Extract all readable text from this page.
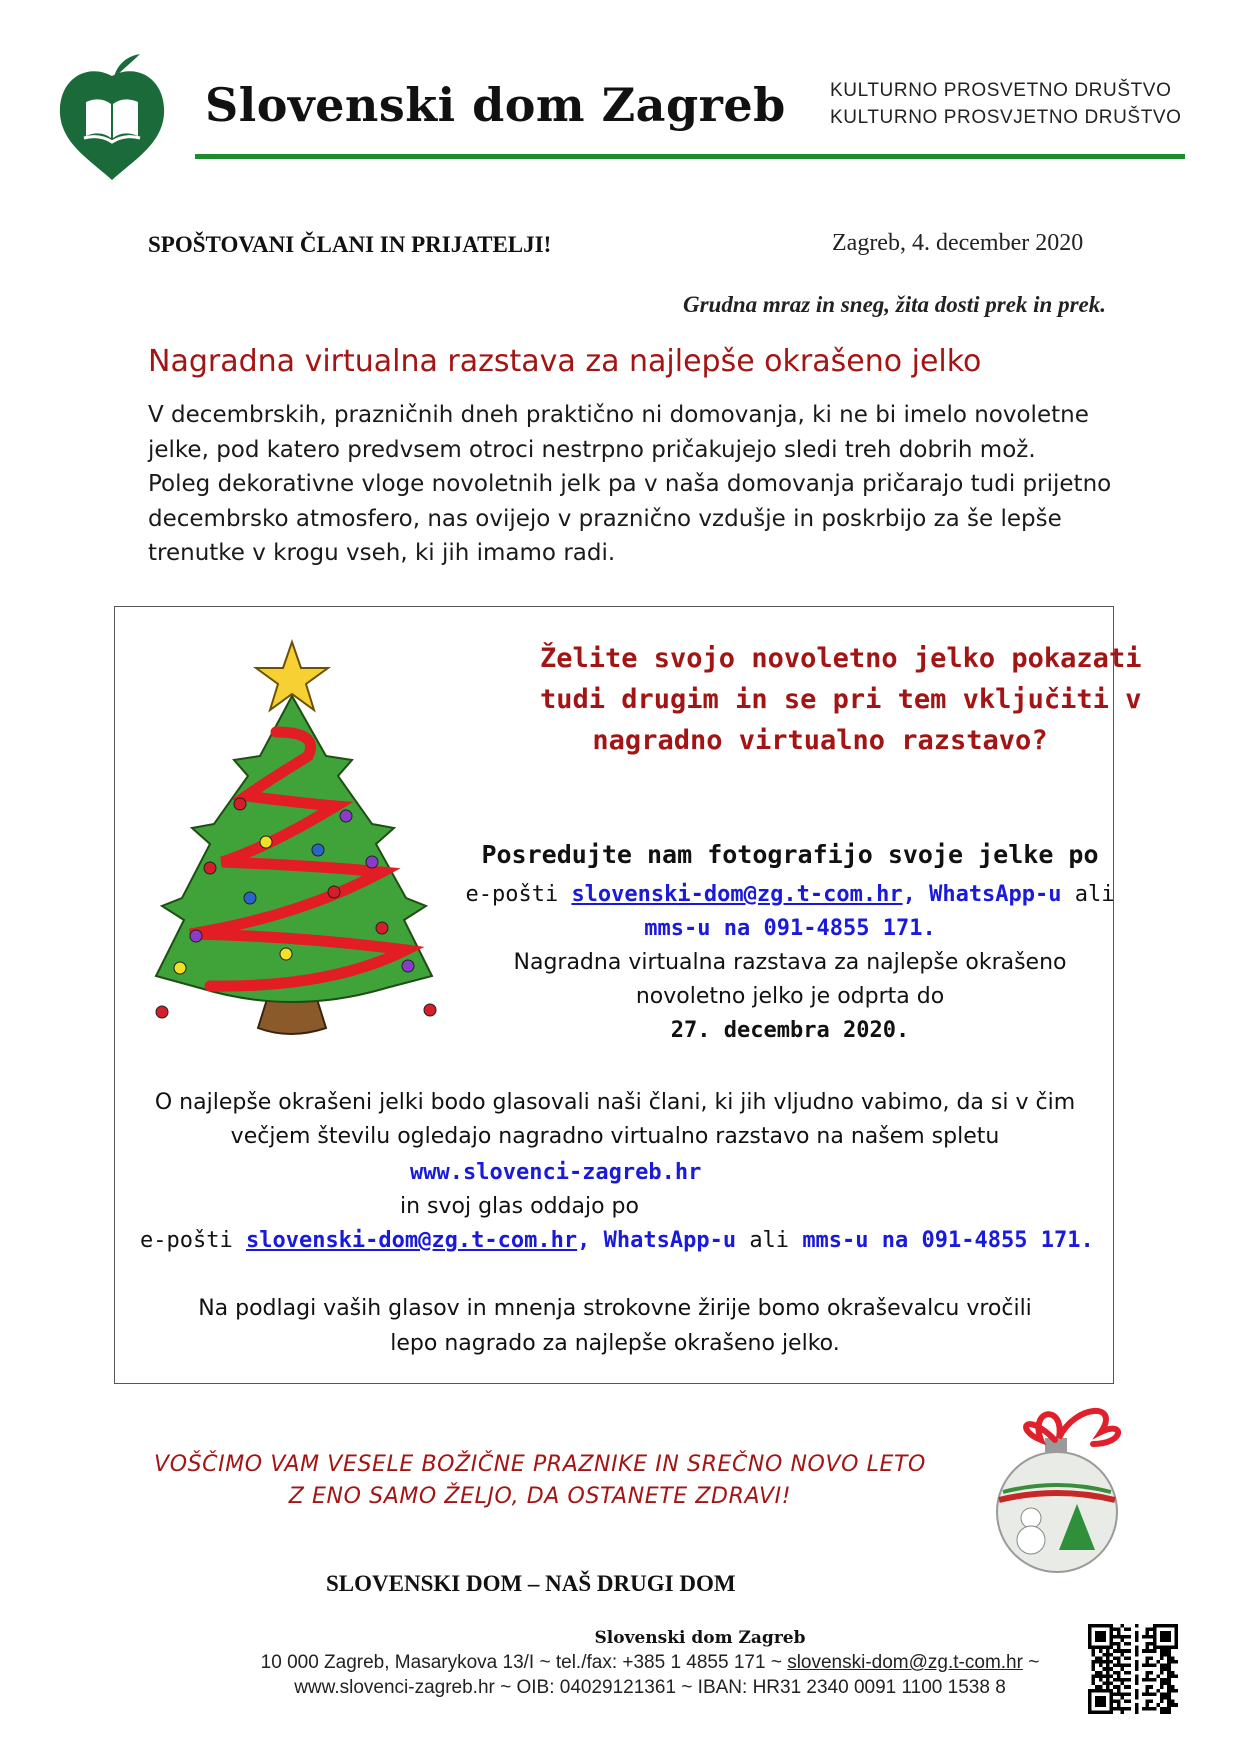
Slovenski dom Zagreb KULTURNO PROSVETNO DRUŠTVO
KULTURNO PROSVJETNO DRUŠTVO
SPOŠTOVANI ČLANI IN PRIJATELJI!	Zagreb, 4. december 2020
Grudna mraz in sneg, žita dosti prek in prek.
Nagradna virtualna razstava za najlepše okrašeno jelko
V decembrskih, prazničnih dneh praktično ni domovanja, ki ne bi imelo novoletne
jelke, pod katero predvsem otroci nestrpno pričakujejo sledi treh dobrih mož.
Poleg dekorativne vloge novoletnih jelk pa v naša domovanja pričarajo tudi prijetno
decembrsko atmosfero, nas ovijejo v praznično vzdušje in poskrbijo za še lepše
trenutke v krogu vseh, ki jih imamo radi.
Želite svojo novoletno jelko pokazati
tudi drugim in se pri tem vključiti v
nagradno virtualno razstavo?
Posredujte nam fotografijo svoje jelke po
e-pošti slovenski-dom@zg.t-com.hr, WhatsApp-u ali
mms-u na 091-4855 171.
Nagradna virtualna razstava za najlepše okrašeno
novoletno jelko je odprta do
27. decembra 2020.
O najlepše okrašeni jelki bodo glasovali naši člani, ki jih vljudno vabimo, da si v čim
večjem številu ogledajo nagradno virtualno razstavo na našem spletu
www.slovenci-zagreb.hr
in svoj glas oddajo po
e-pošti slovenski-dom@zg.t-com.hr, WhatsApp-u ali mms-u na 091-4855 171.
Na podlagi vaših glasov in mnenja strokovne žirije bomo okraševalcu vročili
lepo nagrado za najlepše okrašeno jelko.
VOŠČIMO VAM VESELE BOŽIČNE PRAZNIKE IN SREČNO NOVO LETO
Z ENO SAMO ŽELJO, DA OSTANETE ZDRAVI!
SLOVENSKI DOM – NAŠ DRUGI DOM
Slovenski dom Zagreb
10 000 Zagreb, Masarykova 13/I ~ tel./fax: +385 1 4855 171 ~ slovenski-dom@zg.t-com.hr ~
www.slovenci-zagreb.hr ~ OIB: 04029121361 ~ IBAN: HR31 2340 0091 1100 1538 8
